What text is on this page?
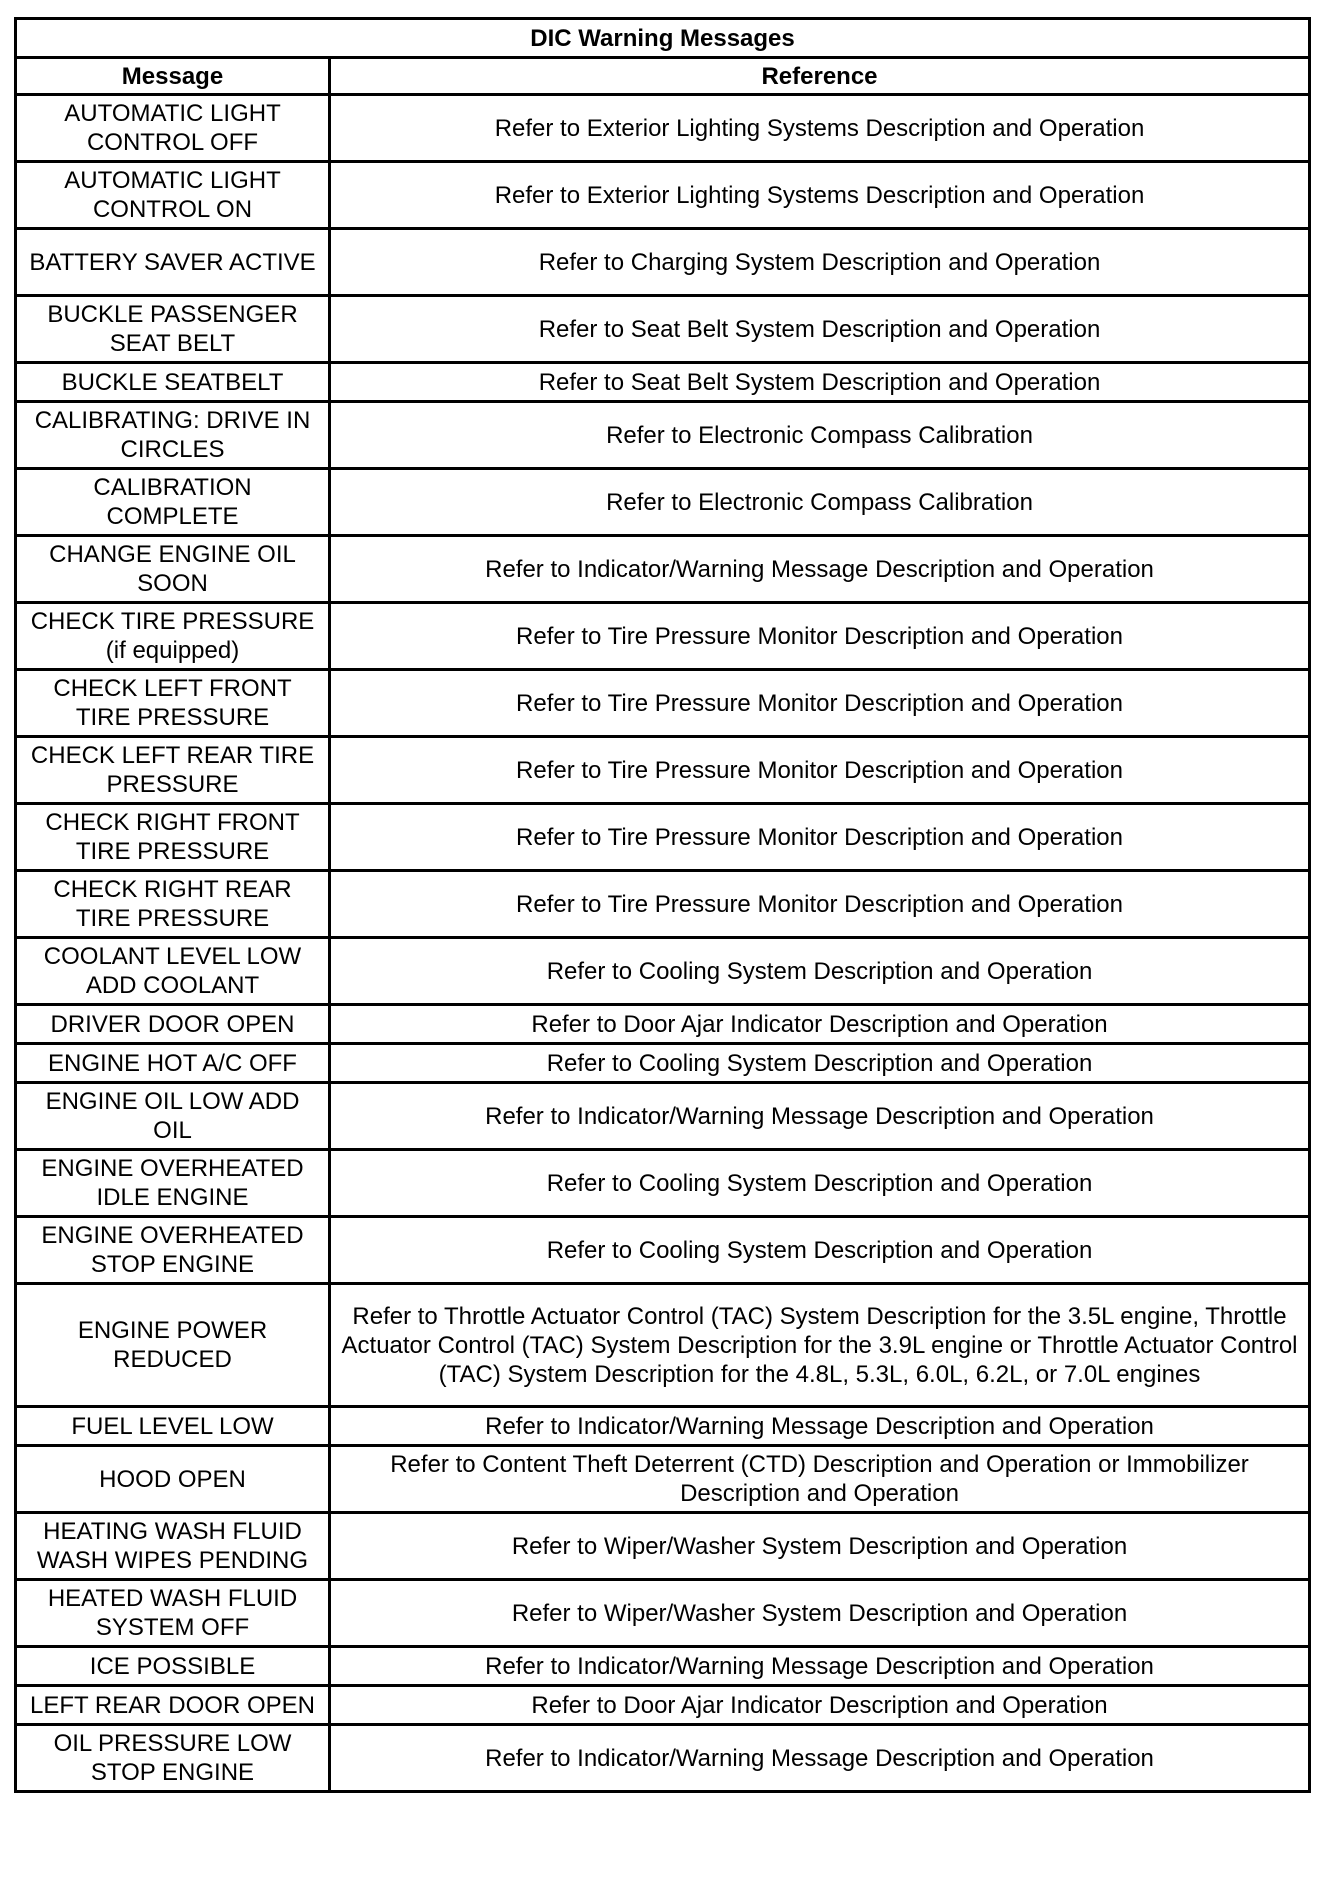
DIC Warning Messages	
Message	Reference
AUTOMATIC LIGHT CONTROL OFF	Refer to Exterior Lighting Systems Description and Operation
AUTOMATIC LIGHT CONTROL ON	Refer to Exterior Lighting Systems Description and Operation
BATTERY SAVER ACTIVE	Refer to Charging System Description and Operation
BUCKLE PASSENGER SEAT BELT	Refer to Seat Belt System Description and Operation
BUCKLE SEATBELT	Refer to Seat Belt System Description and Operation
CALIBRATING: DRIVE IN CIRCLES	Refer to Electronic Compass Calibration
CALIBRATION COMPLETE	Refer to Electronic Compass Calibration
CHANGE ENGINE OIL SOON	Refer to Indicator/Warning Message Description and Operation
CHECK TIRE PRESSURE (if equipped)	Refer to Tire Pressure Monitor Description and Operation
CHECK LEFT FRONT TIRE PRESSURE	Refer to Tire Pressure Monitor Description and Operation
CHECK LEFT REAR TIRE PRESSURE	Refer to Tire Pressure Monitor Description and Operation
CHECK RIGHT FRONT TIRE PRESSURE	Refer to Tire Pressure Monitor Description and Operation
CHECK RIGHT REAR TIRE PRESSURE	Refer to Tire Pressure Monitor Description and Operation
COOLANT LEVEL LOW ADD COOLANT	Refer to Cooling System Description and Operation
DRIVER DOOR OPEN	Refer to Door Ajar Indicator Description and Operation
ENGINE HOT A/C OFF	Refer to Cooling System Description and Operation
ENGINE OIL LOW ADD OIL	Refer to Indicator/Warning Message Description and Operation
ENGINE OVERHEATED IDLE ENGINE	Refer to Cooling System Description and Operation
ENGINE OVERHEATED STOP ENGINE	Refer to Cooling System Description and Operation
ENGINE POWER REDUCED	Refer to Throttle Actuator Control (TAC) System Description for the 3.5L engine, Throttle Actuator Control (TAC) System Description for the 3.9L engine or Throttle Actuator Control (TAC) System Description for the 4.8L, 5.3L, 6.0L, 6.2L, or 7.0L engines
FUEL LEVEL LOW	Refer to Indicator/Warning Message Description and Operation
HOOD OPEN	Refer to Content Theft Deterrent (CTD) Description and Operation or Immobilizer Description and Operation
HEATING WASH FLUID WASH WIPES PENDING	Refer to Wiper/Washer System Description and Operation
HEATED WASH FLUID SYSTEM OFF	Refer to Wiper/Washer System Description and Operation
ICE POSSIBLE	Refer to Indicator/Warning Message Description and Operation
LEFT REAR DOOR OPEN	Refer to Door Ajar Indicator Description and Operation
OIL PRESSURE LOW STOP ENGINE	Refer to Indicator/Warning Message Description and Operation
